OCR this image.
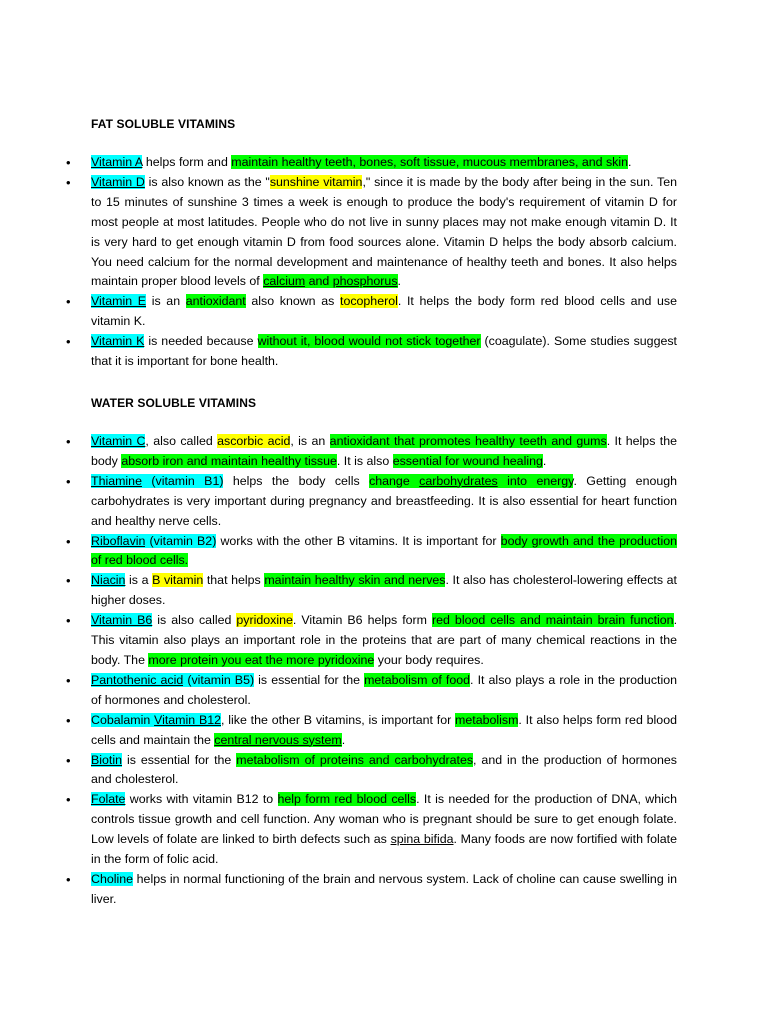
FAT SOLUBLE VITAMINS
• Vitamin A helps form and maintain healthy teeth, bones, soft tissue, mucous membranes, and skin.
• Vitamin D is also known as the "sunshine vitamin," since it is made by the body after being in the sun. Ten to 15 minutes of sunshine 3 times a week is enough to produce the body's requirement of vitamin D for most people at most latitudes. People who do not live in sunny places may not make enough vitamin D. It is very hard to get enough vitamin D from food sources alone. Vitamin D helps the body absorb calcium. You need calcium for the normal development and maintenance of healthy teeth and bones. It also helps maintain proper blood levels of calcium and phosphorus.
• Vitamin E is an antioxidant also known as tocopherol. It helps the body form red blood cells and use vitamin K.
• Vitamin K is needed because without it, blood would not stick together (coagulate). Some studies suggest that it is important for bone health.
WATER SOLUBLE VITAMINS
• Vitamin C, also called ascorbic acid, is an antioxidant that promotes healthy teeth and gums. It helps the body absorb iron and maintain healthy tissue. It is also essential for wound healing.
• Thiamine (vitamin B1) helps the body cells change carbohydrates into energy. Getting enough carbohydrates is very important during pregnancy and breastfeeding. It is also essential for heart function and healthy nerve cells.
• Riboflavin (vitamin B2) works with the other B vitamins. It is important for body growth and the production of red blood cells.
• Niacin is a B vitamin that helps maintain healthy skin and nerves. It also has cholesterol-lowering effects at higher doses.
• Vitamin B6 is also called pyridoxine. Vitamin B6 helps form red blood cells and maintain brain function. This vitamin also plays an important role in the proteins that are part of many chemical reactions in the body. The more protein you eat the more pyridoxine your body requires.
• Pantothenic acid (vitamin B5) is essential for the metabolism of food. It also plays a role in the production of hormones and cholesterol.
• Cobalamin Vitamin B12, like the other B vitamins, is important for metabolism. It also helps form red blood cells and maintain the central nervous system.
• Biotin is essential for the metabolism of proteins and carbohydrates, and in the production of hormones and cholesterol.
• Folate works with vitamin B12 to help form red blood cells. It is needed for the production of DNA, which controls tissue growth and cell function. Any woman who is pregnant should be sure to get enough folate. Low levels of folate are linked to birth defects such as spina bifida. Many foods are now fortified with folate in the form of folic acid.
• Choline helps in normal functioning of the brain and nervous system. Lack of choline can cause swelling in liver.
